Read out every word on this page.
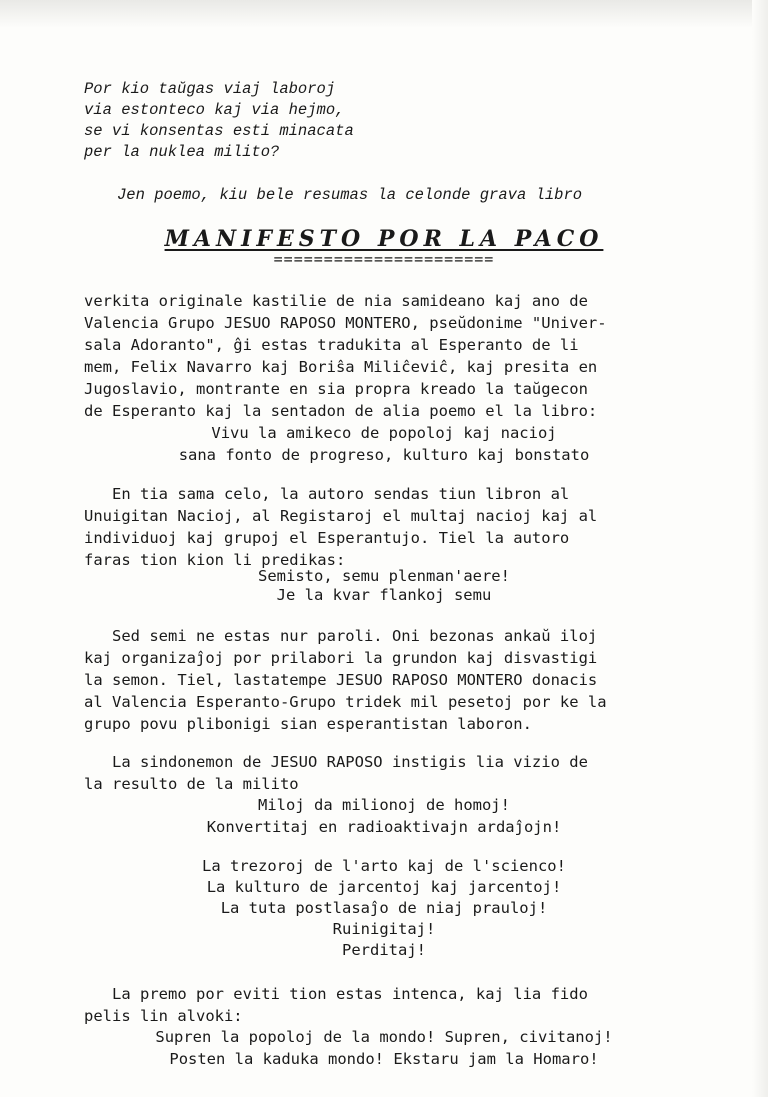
Por kio taŭgas viaj laboroj
via estonteco kaj via hejmo,
se vi konsentas esti minacata
per la nuklea milito?
Jen poemo, kiu bele resumas la celonde grava libro
MANIFESTO POR LA PACO
======================
verkita originale kastilie de nia samideano kaj ano de
Valencia Grupo JESUO RAPOSO MONTERO, pseŭdonime "Univer-
sala Adoranto", ĝi estas tradukita al Esperanto de li
mem, Felix Navarro kaj Boriŝa Miliĉeviĉ, kaj presita en
Jugoslavio, montrante en sia propra kreado la taŭgecon
de Esperanto kaj la sentadon de alia poemo el la libro:
Vivu la amikeco de popoloj kaj nacioj
sana fonto de progreso, kulturo kaj bonstato
En tia sama celo, la autoro sendas tiun libron al
Unuigitan Nacioj, al Registaroj el multaj nacioj kaj al
individuoj kaj grupoj el Esperantujo. Tiel la autoro
faras tion kion li predikas:
Semisto, semu plenman'aere!
Je la kvar flankoj semu
Sed semi ne estas nur paroli. Oni bezonas ankaŭ iloj
kaj organizaĵoj por prilabori la grundon kaj disvastigi
la semon. Tiel, lastatempe JESUO RAPOSO MONTERO donacis
al Valencia Esperanto-Grupo tridek mil pesetoj por ke la
grupo povu plibonigi sian esperantistan laboron.
La sindonemon de JESUO RAPOSO instigis lia vizio de
la resulto de la milito
Miloj da milionoj de homoj!
Konvertitaj en radioaktivajn ardaĵojn!
La trezoroj de l'arto kaj de l'scienco!
La kulturo de jarcentoj kaj jarcentoj!
La tuta postlasaĵo de niaj prauloj!
Ruinigitaj!
Perditaj!
La premo por eviti tion estas intenca, kaj lia fido
pelis lin alvoki:
Supren la popoloj de la mondo! Supren, civitanoj!
Posten la kaduka mondo! Ekstaru jam la Homaro!
